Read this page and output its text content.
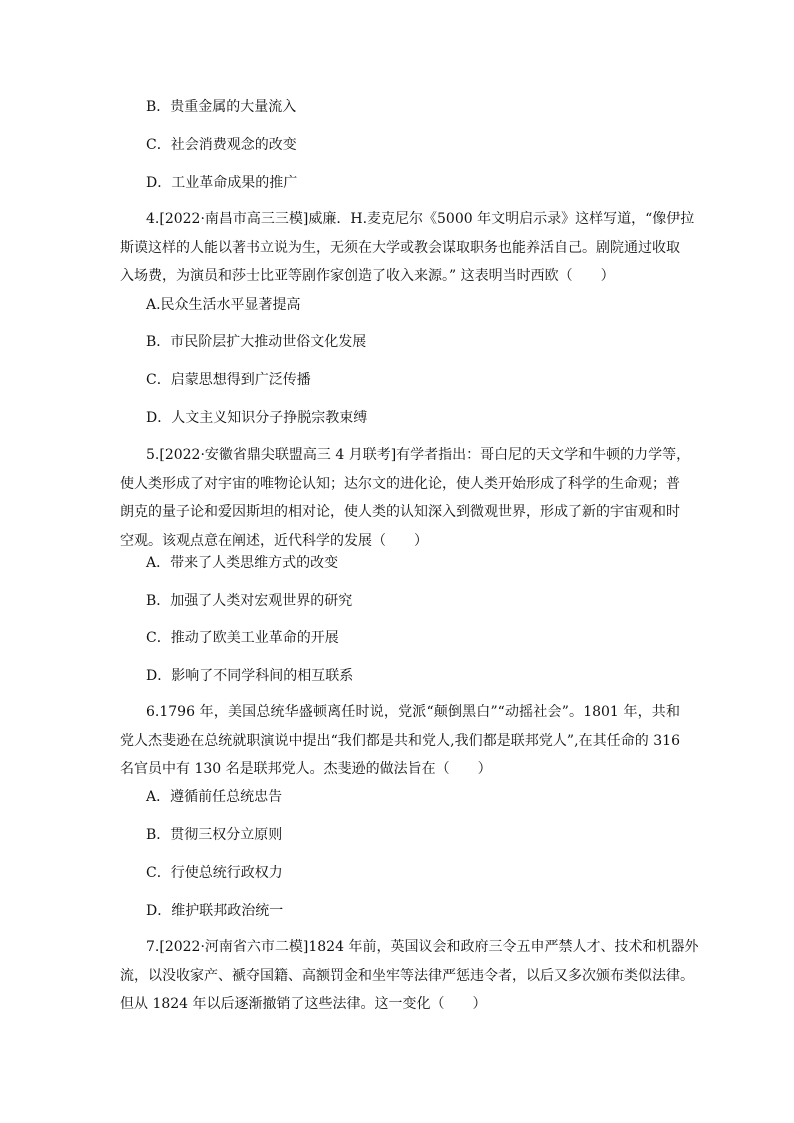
B．贵重金属的大量流入
C．社会消费观念的改变
D．工业革命成果的推广
4.[2022·南昌市高三三模]威廉．H.麦克尼尔《5000 年文明启示录》这样写道，“像伊拉
斯谟这样的人能以著书立说为生，无须在大学或教会谋取职务也能养活自己。剧院通过收取
入场费，为演员和莎士比亚等剧作家创造了收入来源。” 这表明当时西欧（　　）
A.民众生活水平显著提高
B．市民阶层扩大推动世俗文化发展
C．启蒙思想得到广泛传播
D．人文主义知识分子挣脱宗教束缚
5.[2022·安徽省鼎尖联盟高三 4 月联考]有学者指出：哥白尼的天文学和牛顿的力学等，
使人类形成了对宇宙的唯物论认知；达尔文的进化论，使人类开始形成了科学的生命观；普
朗克的量子论和爱因斯坦的相对论，使人类的认知深入到微观世界，形成了新的宇宙观和时
空观。该观点意在阐述，近代科学的发展（　　）
A．带来了人类思维方式的改变
B．加强了人类对宏观世界的研究
C．推动了欧美工业革命的开展
D．影响了不同学科间的相互联系
6.1796 年，美国总统华盛顿离任时说，党派“颠倒黑白”“动摇社会”。1801 年，共和
党人杰斐逊在总统就职演说中提出“我们都是共和党人,我们都是联邦党人”,在其任命的 316
名官员中有 130 名是联邦党人。杰斐逊的做法旨在（　　）
A．遵循前任总统忠告
B．贯彻三权分立原则
C．行使总统行政权力
D．维护联邦政治统一
7.[2022·河南省六市二模]1824 年前，英国议会和政府三令五申严禁人才、技术和机器外
流，以没收家产、褫夺国籍、高额罚金和坐牢等法律严惩违令者，以后又多次颁布类似法律。
但从 1824 年以后逐渐撤销了这些法律。这一变化（　　）
